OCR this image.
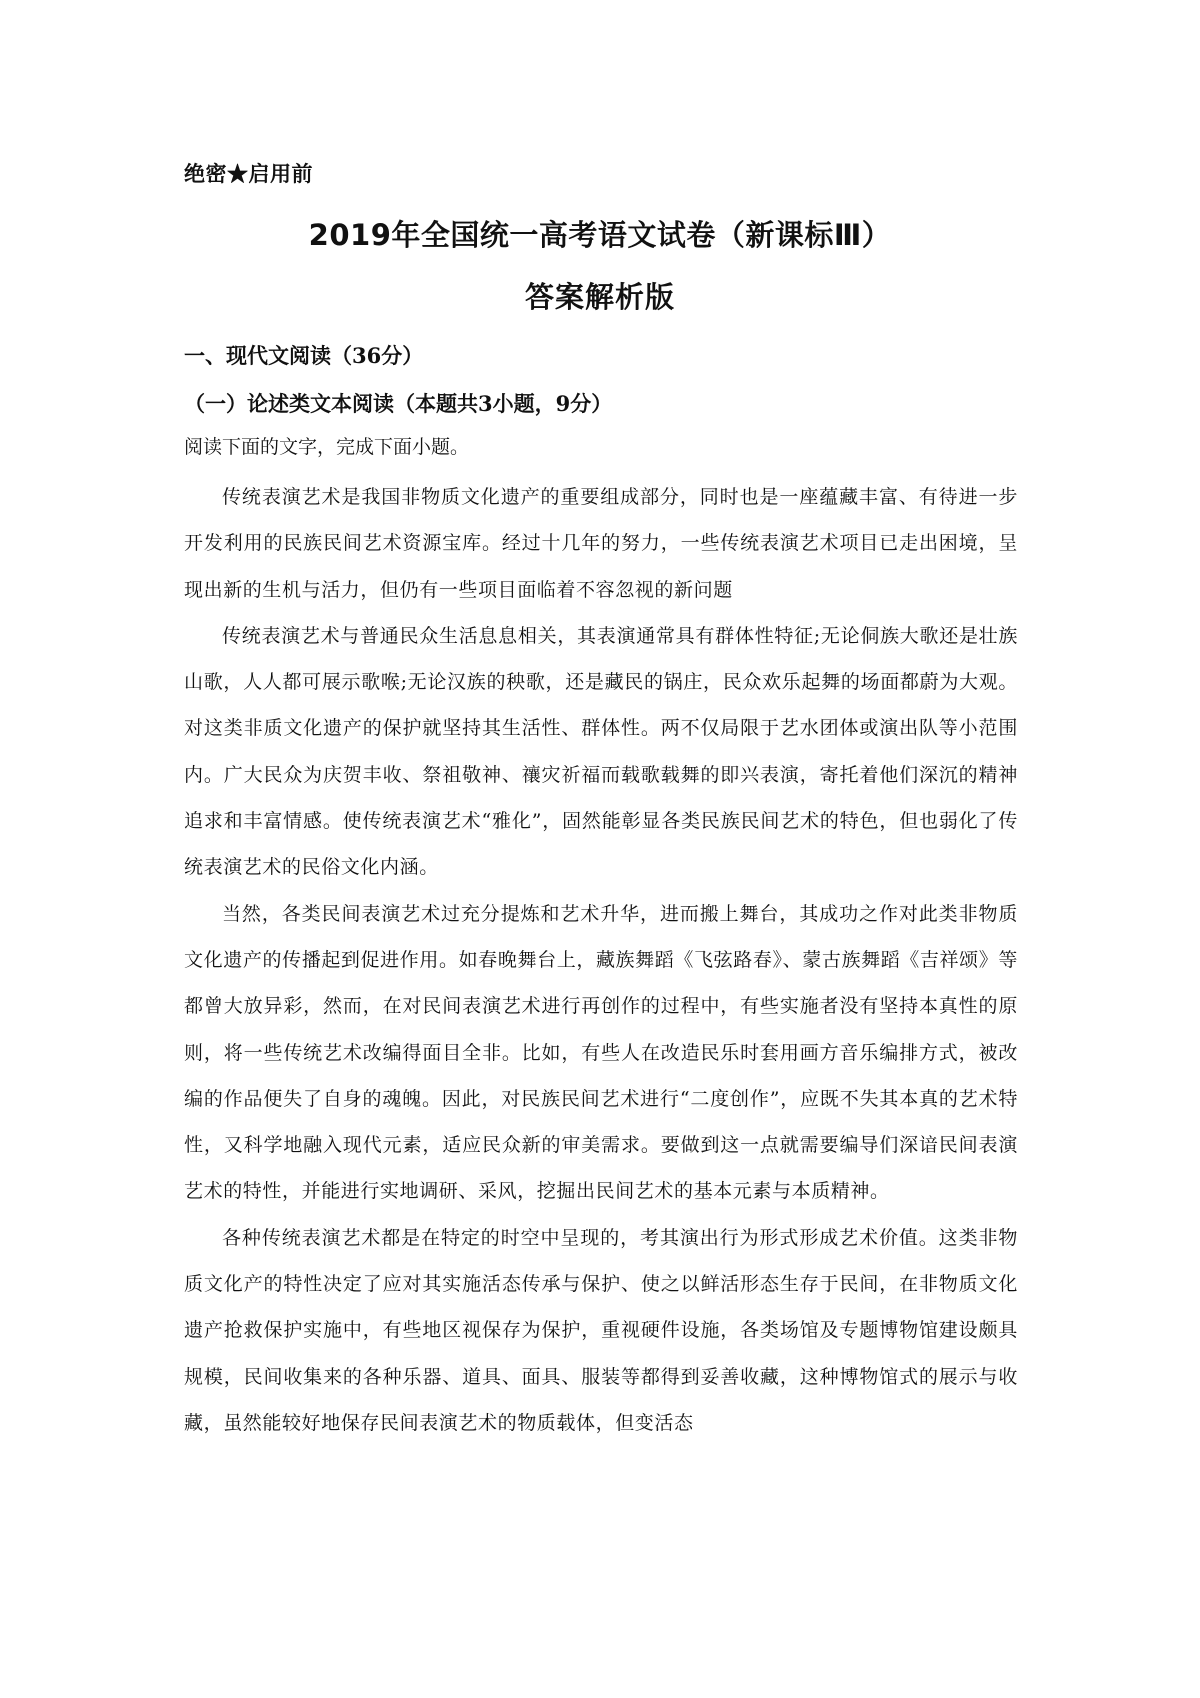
绝密★启用前
2019年全国统一高考语文试卷（新课标Ⅲ）
答案解析版
一、现代文阅读（36分）
（一）论述类文本阅读（本题共3小题，9分）
阅读下面的文字，完成下面小题。

传统表演艺术是我国非物质文化遗产的重要组成部分，同时也是一座蕴藏丰富、有待进一步开发利用的民族民间艺术资源宝库。经过十几年的努力，一些传统表演艺术项目已走出困境，呈现出新的生机与活力，但仍有一些项目面临着不容忽视的新问题

传统表演艺术与普通民众生活息息相关，其表演通常具有群体性特征;无论侗族大歌还是壮族山歌，人人都可展示歌喉;无论汉族的秧歌，还是藏民的锅庄，民众欢乐起舞的场面都蔚为大观。对这类非质文化遗产的保护就坚持其生活性、群体性。两不仅局限于艺水团体或演出队等小范围内。广大民众为庆贺丰收、祭祖敬神、禳灾祈福而载歌载舞的即兴表演，寄托着他们深沉的精神追求和丰富情感。使传统表演艺术“雅化”，固然能彰显各类民族民间艺术的特色，但也弱化了传统表演艺术的民俗文化内涵。

当然，各类民间表演艺术过充分提炼和艺术升华，进而搬上舞台，其成功之作对此类非物质文化遗产的传播起到促进作用。如春晚舞台上，藏族舞蹈《飞弦路春》、蒙古族舞蹈《吉祥颂》等都曾大放异彩，然而，在对民间表演艺术进行再创作的过程中，有些实施者没有坚持本真性的原则，将一些传统艺术改编得面目全非。比如，有些人在改造民乐时套用画方音乐编排方式，被改编的作品便失了自身的魂魄。因此，对民族民间艺术进行“二度创作”，应既不失其本真的艺术特性，又科学地融入现代元素，适应民众新的审美需求。要做到这一点就需要编导们深谙民间表演艺术的特性，并能进行实地调研、采风，挖掘出民间艺术的基本元素与本质精神。

各种传统表演艺术都是在特定的时空中呈现的，考其演出行为形式形成艺术价值。这类非物质文化产的特性决定了应对其实施活态传承与保护、使之以鲜活形态生存于民间，在非物质文化遗产抢救保护实施中，有些地区视保存为保护，重视硬件设施，各类场馆及专题博物馆建设颇具规模，民间收集来的各种乐器、道具、面具、服装等都得到妥善收藏，这种博物馆式的展示与收藏，虽然能较好地保存民间表演艺术的物质载体，但变活态
